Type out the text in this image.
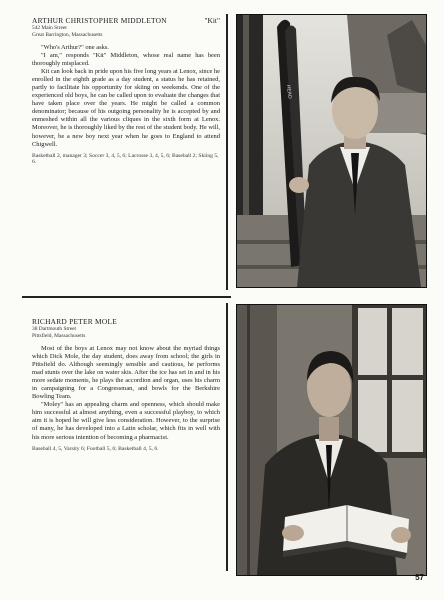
ARTHUR CHRISTOPHER MIDDLETON	"Kit"
542 Main Street
Great Barrington, Massachusetts

"Who's Arthur?" one asks.

"I am," responds "Kit" Middleton, whose real name has been thoroughly misplaced.

Kit can look back in pride upon his five long years at Lenox, since he enrolled in the eighth grade as a day student, a status he has retained, partly to facilitate his opportunity for skiing on weekends. One of the experienced old boys, he can be called upon to evaluate the changes that have taken place over the years. He might be called a common denominator; because of his outgoing personality he is accepted by and enmeshed within all the various cliques in the sixth form at Lenox. Moreover, he is thoroughly liked by the rest of the student body. He will, however, be a new boy next year when he goes to England to attend Chigwell.

Basketball 2, manager 3; Soccer 3, 4, 5, 6; Lacrosse 3, 4, 5, 6; Baseball 2; Skiing 5, 6.
RICHARD PETER MOLE
38 Dartmouth Street
Pittsfield, Massachusetts

Most of the boys at Lenox may not know about the myriad things which Dick Mole, the day student, does away from school; the girls in Pittsfield do. Although seemingly sensible and cautious, he performs mad stunts over the lake on water skis. After the ice has set in and in his more sedate moments, he plays the accordion and organ, uses his charm in campaigning for a Congressman, and bowls for the Berkshire Bowling Team.

"Moley" has an appealing charm and openness, which should make him successful at almost anything, even a successful playboy, to which aim it is hoped he will give less consideration. However, to the surprise of many, he has developed into a Latin scholar, which fits in well with his more serious intention of becoming a pharmacist.

Baseball 4, 5, Varsity 6; Football 5, 6; Basketball 4, 5, 6.
HEAD
57
